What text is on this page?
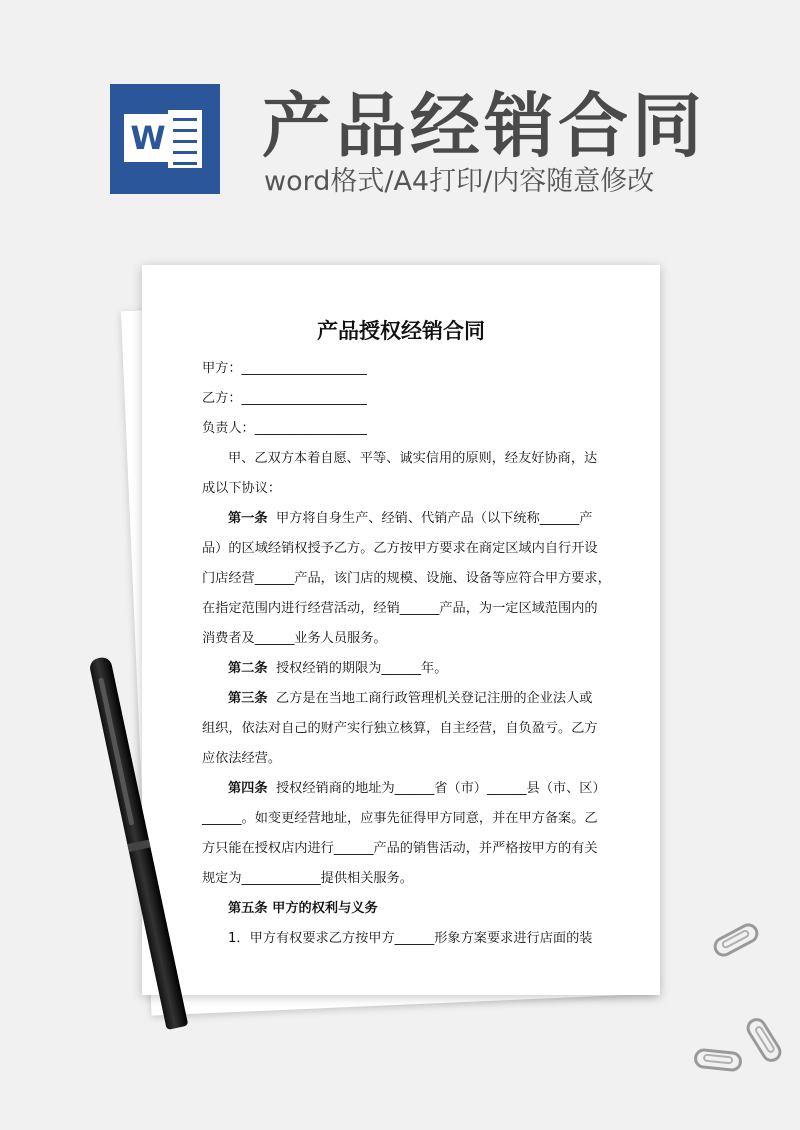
W 产品经销合同
word格式/A4打印/内容随意修改
产品授权经销合同
甲方：___________________
乙方：___________________
负责人：_________________
甲、乙双方本着自愿、平等、诚实信用的原则，经友好协商，达
成以下协议：
第一条 甲方将自身生产、经销、代销产品（以下统称______产
品）的区域经销权授予乙方。乙方按甲方要求在商定区域内自行开设
门店经营______产品，该门店的规模、设施、设备等应符合甲方要求，
在指定范围内进行经营活动，经销______产品，为一定区域范围内的
消费者及______业务人员服务。
第二条 授权经销的期限为______年。
第三条 乙方是在当地工商行政管理机关登记注册的企业法人或
组织，依法对自己的财产实行独立核算，自主经营，自负盈亏。乙方
应依法经营。
第四条 授权经销商的地址为______省（市）______县（市、区）
______。如变更经营地址，应事先征得甲方同意，并在甲方备案。乙
方只能在授权店内进行______产品的销售活动，并严格按甲方的有关
规定为____________提供相关服务。
第五条 甲方的权利与义务
1．甲方有权要求乙方按甲方______形象方案要求进行店面的装
